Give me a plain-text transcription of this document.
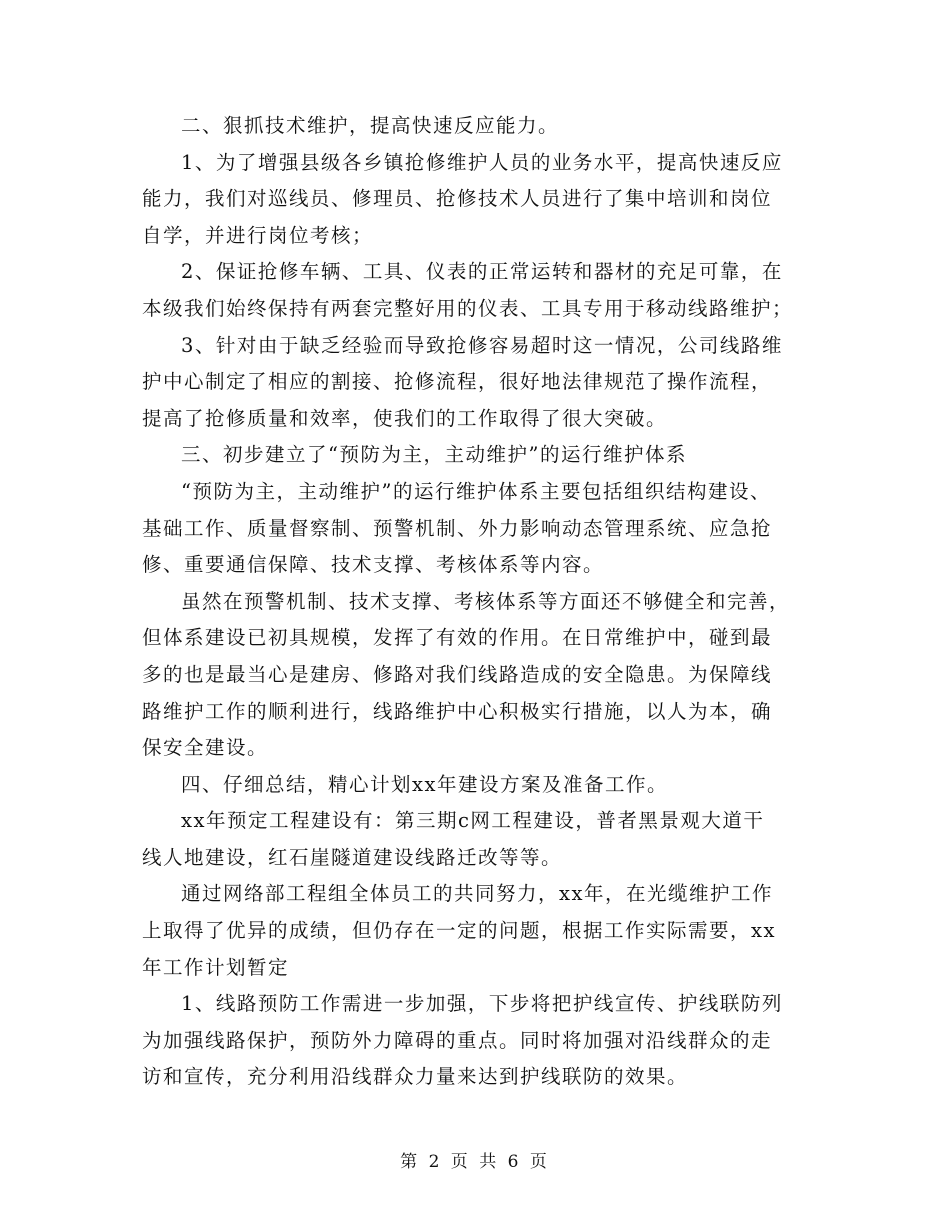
二、狠抓技术维护，提高快速反应能力。
1、为了增强县级各乡镇抢修维护人员的业务水平，提高快速反应
能力，我们对巡线员、修理员、抢修技术人员进行了集中培训和岗位
自学，并进行岗位考核；
2、保证抢修车辆、工具、仪表的正常运转和器材的充足可靠，在
本级我们始终保持有两套完整好用的仪表、工具专用于移动线路维护；
3、针对由于缺乏经验而导致抢修容易超时这一情况，公司线路维
护中心制定了相应的割接、抢修流程，很好地法律规范了操作流程，
提高了抢修质量和效率，使我们的工作取得了很大突破。
三、初步建立了“预防为主，主动维护”的运行维护体系
“预防为主，主动维护”的运行维护体系主要包括组织结构建设、
基础工作、质量督察制、预警机制、外力影响动态管理系统、应急抢
修、重要通信保障、技术支撑、考核体系等内容。
虽然在预警机制、技术支撑、考核体系等方面还不够健全和完善，
但体系建设已初具规模，发挥了有效的作用。在日常维护中，碰到最
多的也是最当心是建房、修路对我们线路造成的安全隐患。为保障线
路维护工作的顺利进行，线路维护中心积极实行措施，以人为本，确
保安全建设。
四、仔细总结，精心计划xx年建设方案及准备工作。
xx年预定工程建设有：第三期c网工程建设，普者黑景观大道干
线人地建设，红石崖隧道建设线路迁改等等。
通过网络部工程组全体员工的共同努力，xx年，在光缆维护工作
上取得了优异的成绩，但仍存在一定的问题，根据工作实际需要，xx
年工作计划暂定
1、线路预防工作需进一步加强，下步将把护线宣传、护线联防列
为加强线路保护，预防外力障碍的重点。同时将加强对沿线群众的走
访和宣传，充分利用沿线群众力量来达到护线联防的效果。
第 2 页 共 6 页
